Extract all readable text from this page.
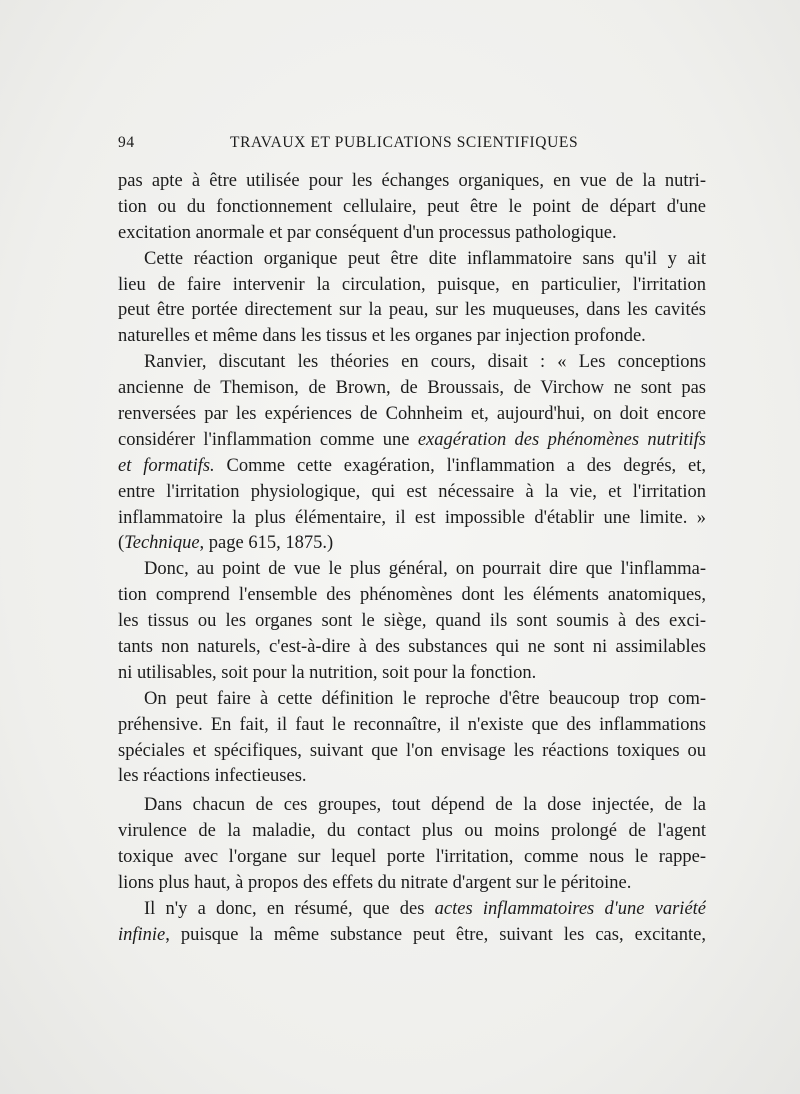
94	TRAVAUX ET PUBLICATIONS SCIENTIFIQUES
pas apte à être utilisée pour les échanges organiques, en vue de la nutri-
tion ou du fonctionnement cellulaire, peut être le point de départ d'une
excitation anormale et par conséquent d'un processus pathologique.
Cette réaction organique peut être dite inflammatoire sans qu'il y ait
lieu de faire intervenir la circulation, puisque, en particulier, l'irritation
peut être portée directement sur la peau, sur les muqueuses, dans les cavités
naturelles et même dans les tissus et les organes par injection profonde.
Ranvier, discutant les théories en cours, disait : « Les conceptions
ancienne de Themison, de Brown, de Broussais, de Virchow ne sont pas
renversées par les expériences de Cohnheim et, aujourd'hui, on doit encore
considérer l'inflammation comme une exagération des phénomènes nutritifs
et formatifs. Comme cette exagération, l'inflammation a des degrés, et,
entre l'irritation physiologique, qui est nécessaire à la vie, et l'irritation
inflammatoire la plus élémentaire, il est impossible d'établir une limite. »
(Technique, page 615, 1875.)
Donc, au point de vue le plus général, on pourrait dire que l'inflamma-
tion comprend l'ensemble des phénomènes dont les éléments anatomiques,
les tissus ou les organes sont le siège, quand ils sont soumis à des exci-
tants non naturels, c'est-à-dire à des substances qui ne sont ni assimilables
ni utilisables, soit pour la nutrition, soit pour la fonction.
On peut faire à cette définition le reproche d'être beaucoup trop com-
préhensive. En fait, il faut le reconnaître, il n'existe que des inflammations
spéciales et spécifiques, suivant que l'on envisage les réactions toxiques ou
les réactions infectieuses.
Dans chacun de ces groupes, tout dépend de la dose injectée, de la
virulence de la maladie, du contact plus ou moins prolongé de l'agent
toxique avec l'organe sur lequel porte l'irritation, comme nous le rappe-
lions plus haut, à propos des effets du nitrate d'argent sur le péritoine.
Il n'y a donc, en résumé, que des actes inflammatoires d'une variété
infinie, puisque la même substance peut être, suivant les cas, excitante,
